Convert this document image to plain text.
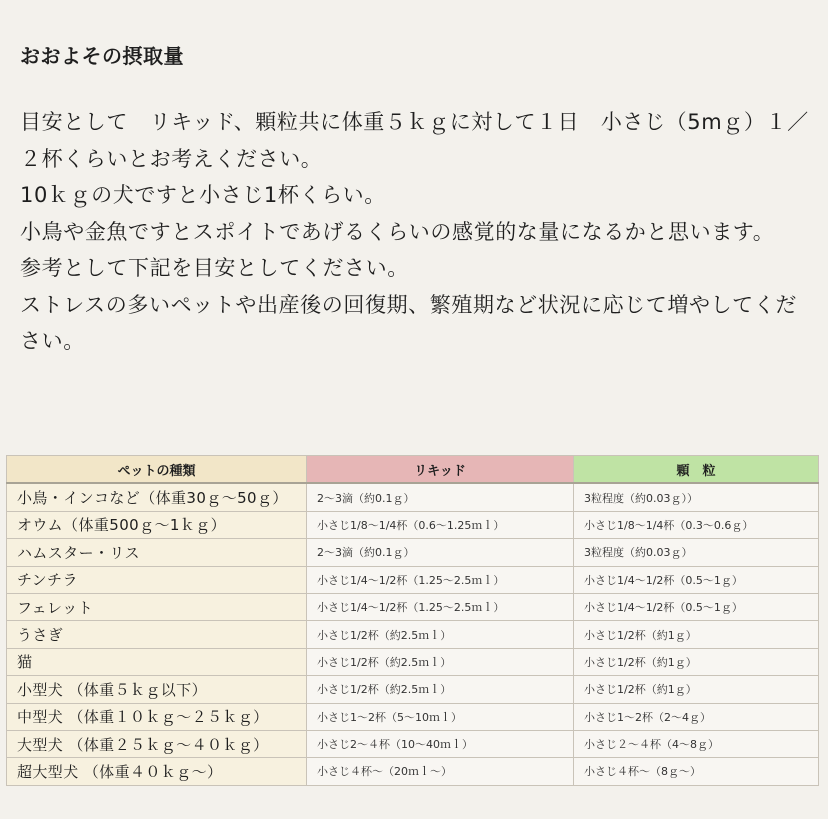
おおよその摂取量

目安として　リキッド、顆粒共に体重５ｋｇに対して１日　小さじ（5mｇ）１／２杯くらいとお考えください。

10ｋｇの犬ですと小さじ1杯くらい。

小鳥や金魚ですとスポイトであげるくらいの感覚的な量になるかと思います。

参考として下記を目安としてください。

ストレスの多いペットや出産後の回復期、繁殖期など状況に応じて増やしてください。

ペットの種類	リキッド	顆　粒
小鳥・インコなど（体重30ｇ～50ｇ）	2～3滴（約0.1ｇ）	3粒程度（約0.03ｇ））
オウム（体重500ｇ～1ｋｇ）	小さじ1/8～1/4杯（0.6～1.25ｍｌ）	小さじ1/8～1/4杯（0.3～0.6ｇ）
ハムスター・リス	2～3滴（約0.1ｇ）	3粒程度（約0.03ｇ）
チンチラ	小さじ1/4～1/2杯（1.25～2.5ｍｌ）	小さじ1/4～1/2杯（0.5～1ｇ）
フェレット	小さじ1/4～1/2杯（1.25～2.5ｍｌ）	小さじ1/4～1/2杯（0.5～1ｇ）
うさぎ	小さじ1/2杯（約2.5ｍｌ）	小さじ1/2杯（約1ｇ）
猫	小さじ1/2杯（約2.5ｍｌ）	小さじ1/2杯（約1ｇ）
小型犬 （体重５ｋｇ以下）	小さじ1/2杯（約2.5ｍｌ）	小さじ1/2杯（約1ｇ）
中型犬 （体重１０ｋｇ～２５ｋｇ）	小さじ1～2杯（5～10ｍｌ）	小さじ1～2杯（2～4ｇ）
大型犬 （体重２５ｋｇ～４０ｋｇ）	小さじ2～４杯（10～40ｍｌ）	小さじ２～４杯（4～8ｇ）
超大型犬 （体重４０ｋｇ～）	小さじ４杯～（20ｍｌ～）	小さじ４杯～（8ｇ～）
